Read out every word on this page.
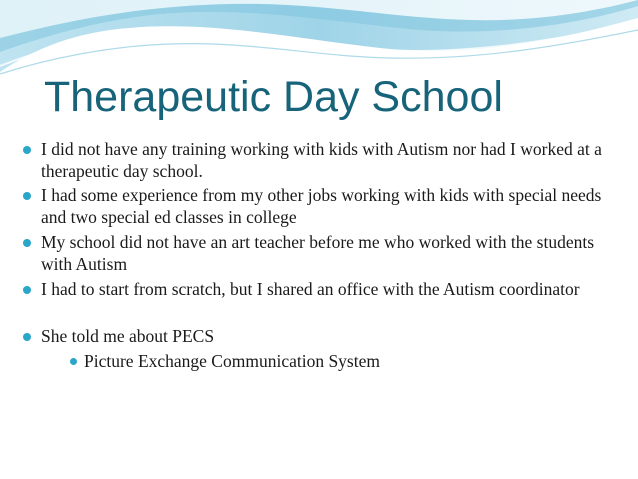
Therapeutic Day School
I did not have any training working with kids with Autism nor had I worked at a therapeutic day school.
I had some experience from my other jobs working with kids with special needs and two special ed classes in college
My school did not have an art teacher before me who worked with the students with Autism
I had to start from scratch, but I shared an office with the Autism coordinator
She told me about PECS
Picture Exchange Communication System
